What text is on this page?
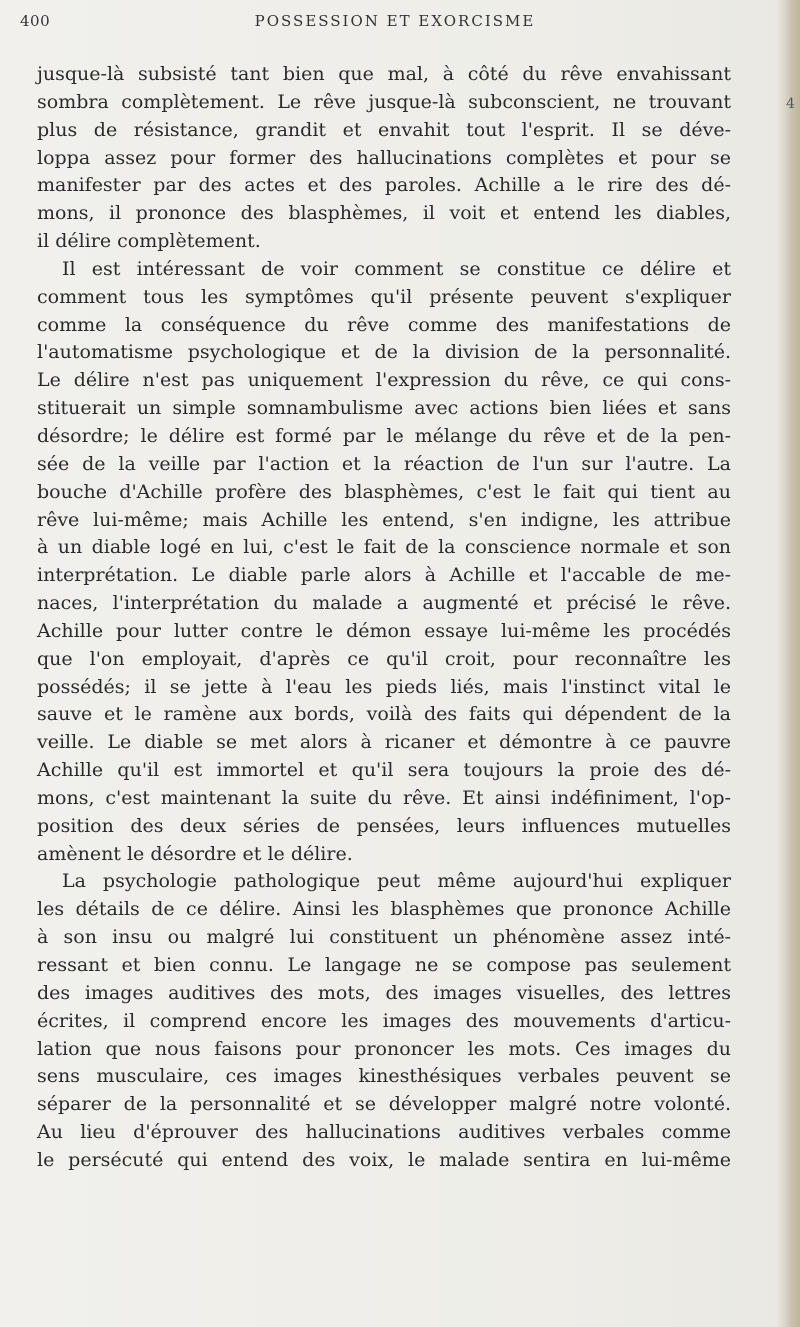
4
400	POSSESSION ET EXORCISME

jusque-là subsisté tant bien que mal, à côté du rêve envahissant

sombra complètement. Le rêve jusque-là subconscient, ne trouvant

plus de résistance, grandit et envahit tout l'esprit. Il se déve-

loppa assez pour former des hallucinations complètes et pour se

manifester par des actes et des paroles. Achille a le rire des dé-

mons, il prononce des blasphèmes, il voit et entend les diables,

il délire complètement.

Il est intéressant de voir comment se constitue ce délire et

comment tous les symptômes qu'il présente peuvent s'expliquer

comme la conséquence du rêve comme des manifestations de

l'automatisme psychologique et de la division de la personnalité.

Le délire n'est pas uniquement l'expression du rêve, ce qui cons-

stituerait un simple somnambulisme avec actions bien liées et sans

désordre; le délire est formé par le mélange du rêve et de la pen-

sée de la veille par l'action et la réaction de l'un sur l'autre. La

bouche d'Achille profère des blasphèmes, c'est le fait qui tient au

rêve lui-même; mais Achille les entend, s'en indigne, les attribue

à un diable logé en lui, c'est le fait de la conscience normale et son

interprétation. Le diable parle alors à Achille et l'accable de me-

naces, l'interprétation du malade a augmenté et précisé le rêve.

Achille pour lutter contre le démon essaye lui-même les procédés

que l'on employait, d'après ce qu'il croit, pour reconnaître les

possédés; il se jette à l'eau les pieds liés, mais l'instinct vital le

sauve et le ramène aux bords, voilà des faits qui dépendent de la

veille. Le diable se met alors à ricaner et démontre à ce pauvre

Achille qu'il est immortel et qu'il sera toujours la proie des dé-

mons, c'est maintenant la suite du rêve. Et ainsi indéfiniment, l'op-

position des deux séries de pensées, leurs influences mutuelles

amènent le désordre et le délire.

La psychologie pathologique peut même aujourd'hui expliquer

les détails de ce délire. Ainsi les blasphèmes que prononce Achille

à son insu ou malgré lui constituent un phénomène assez inté-

ressant et bien connu. Le langage ne se compose pas seulement

des images auditives des mots, des images visuelles, des lettres

écrites, il comprend encore les images des mouvements d'articu-

lation que nous faisons pour prononcer les mots. Ces images du

sens musculaire, ces images kinesthésiques verbales peuvent se

séparer de la personnalité et se développer malgré notre volonté.

Au lieu d'éprouver des hallucinations auditives verbales comme

le persécuté qui entend des voix, le malade sentira en lui-même
